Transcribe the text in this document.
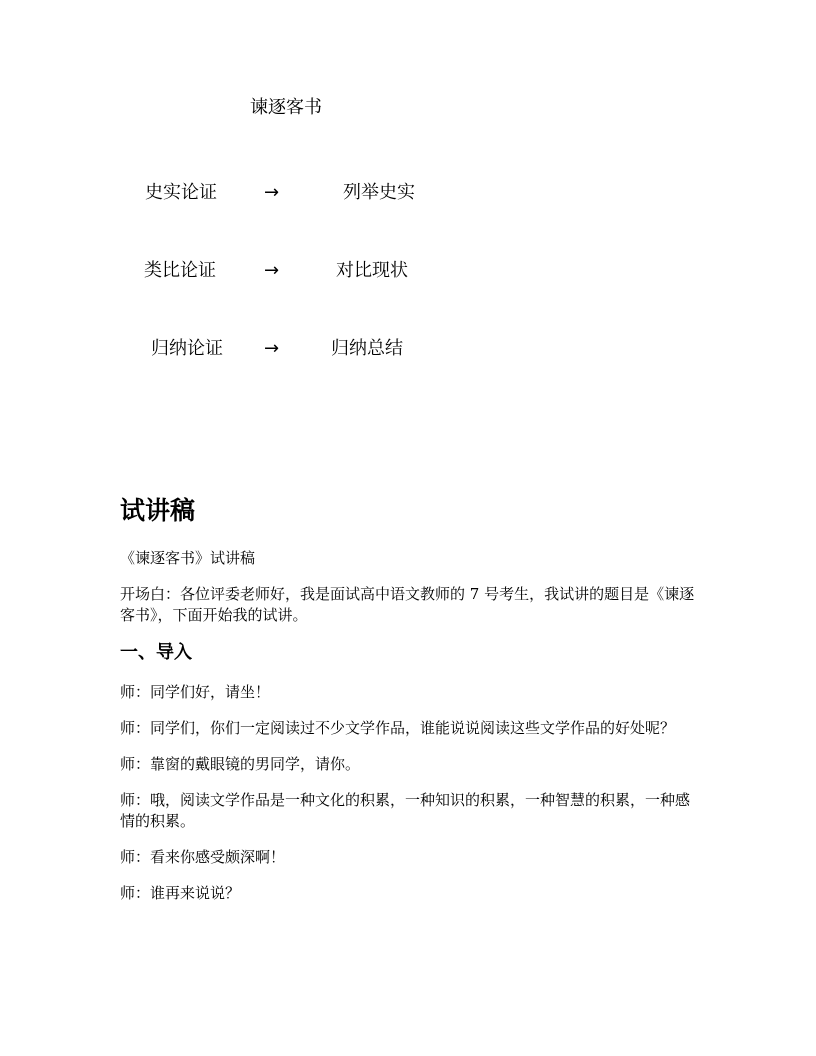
谏逐客书
史实论证	→	列举史实
类比论证	→	对比现状
归纳论证 →	归纳总结
试讲稿

《谏逐客书》试讲稿

开场白：各位评委老师好，我是面试高中语文教师的 7 号考生，我试讲的题目是《谏逐客书》，下面开始我的试讲。

一、导入

师：同学们好，请坐！

师：同学们，你们一定阅读过不少文学作品，谁能说说阅读这些文学作品的好处呢？

师：靠窗的戴眼镜的男同学，请你。

师：哦，阅读文学作品是一种文化的积累，一种知识的积累，一种智慧的积累，一种感情的积累。

师：看来你感受颇深啊！

师：谁再来说说？
